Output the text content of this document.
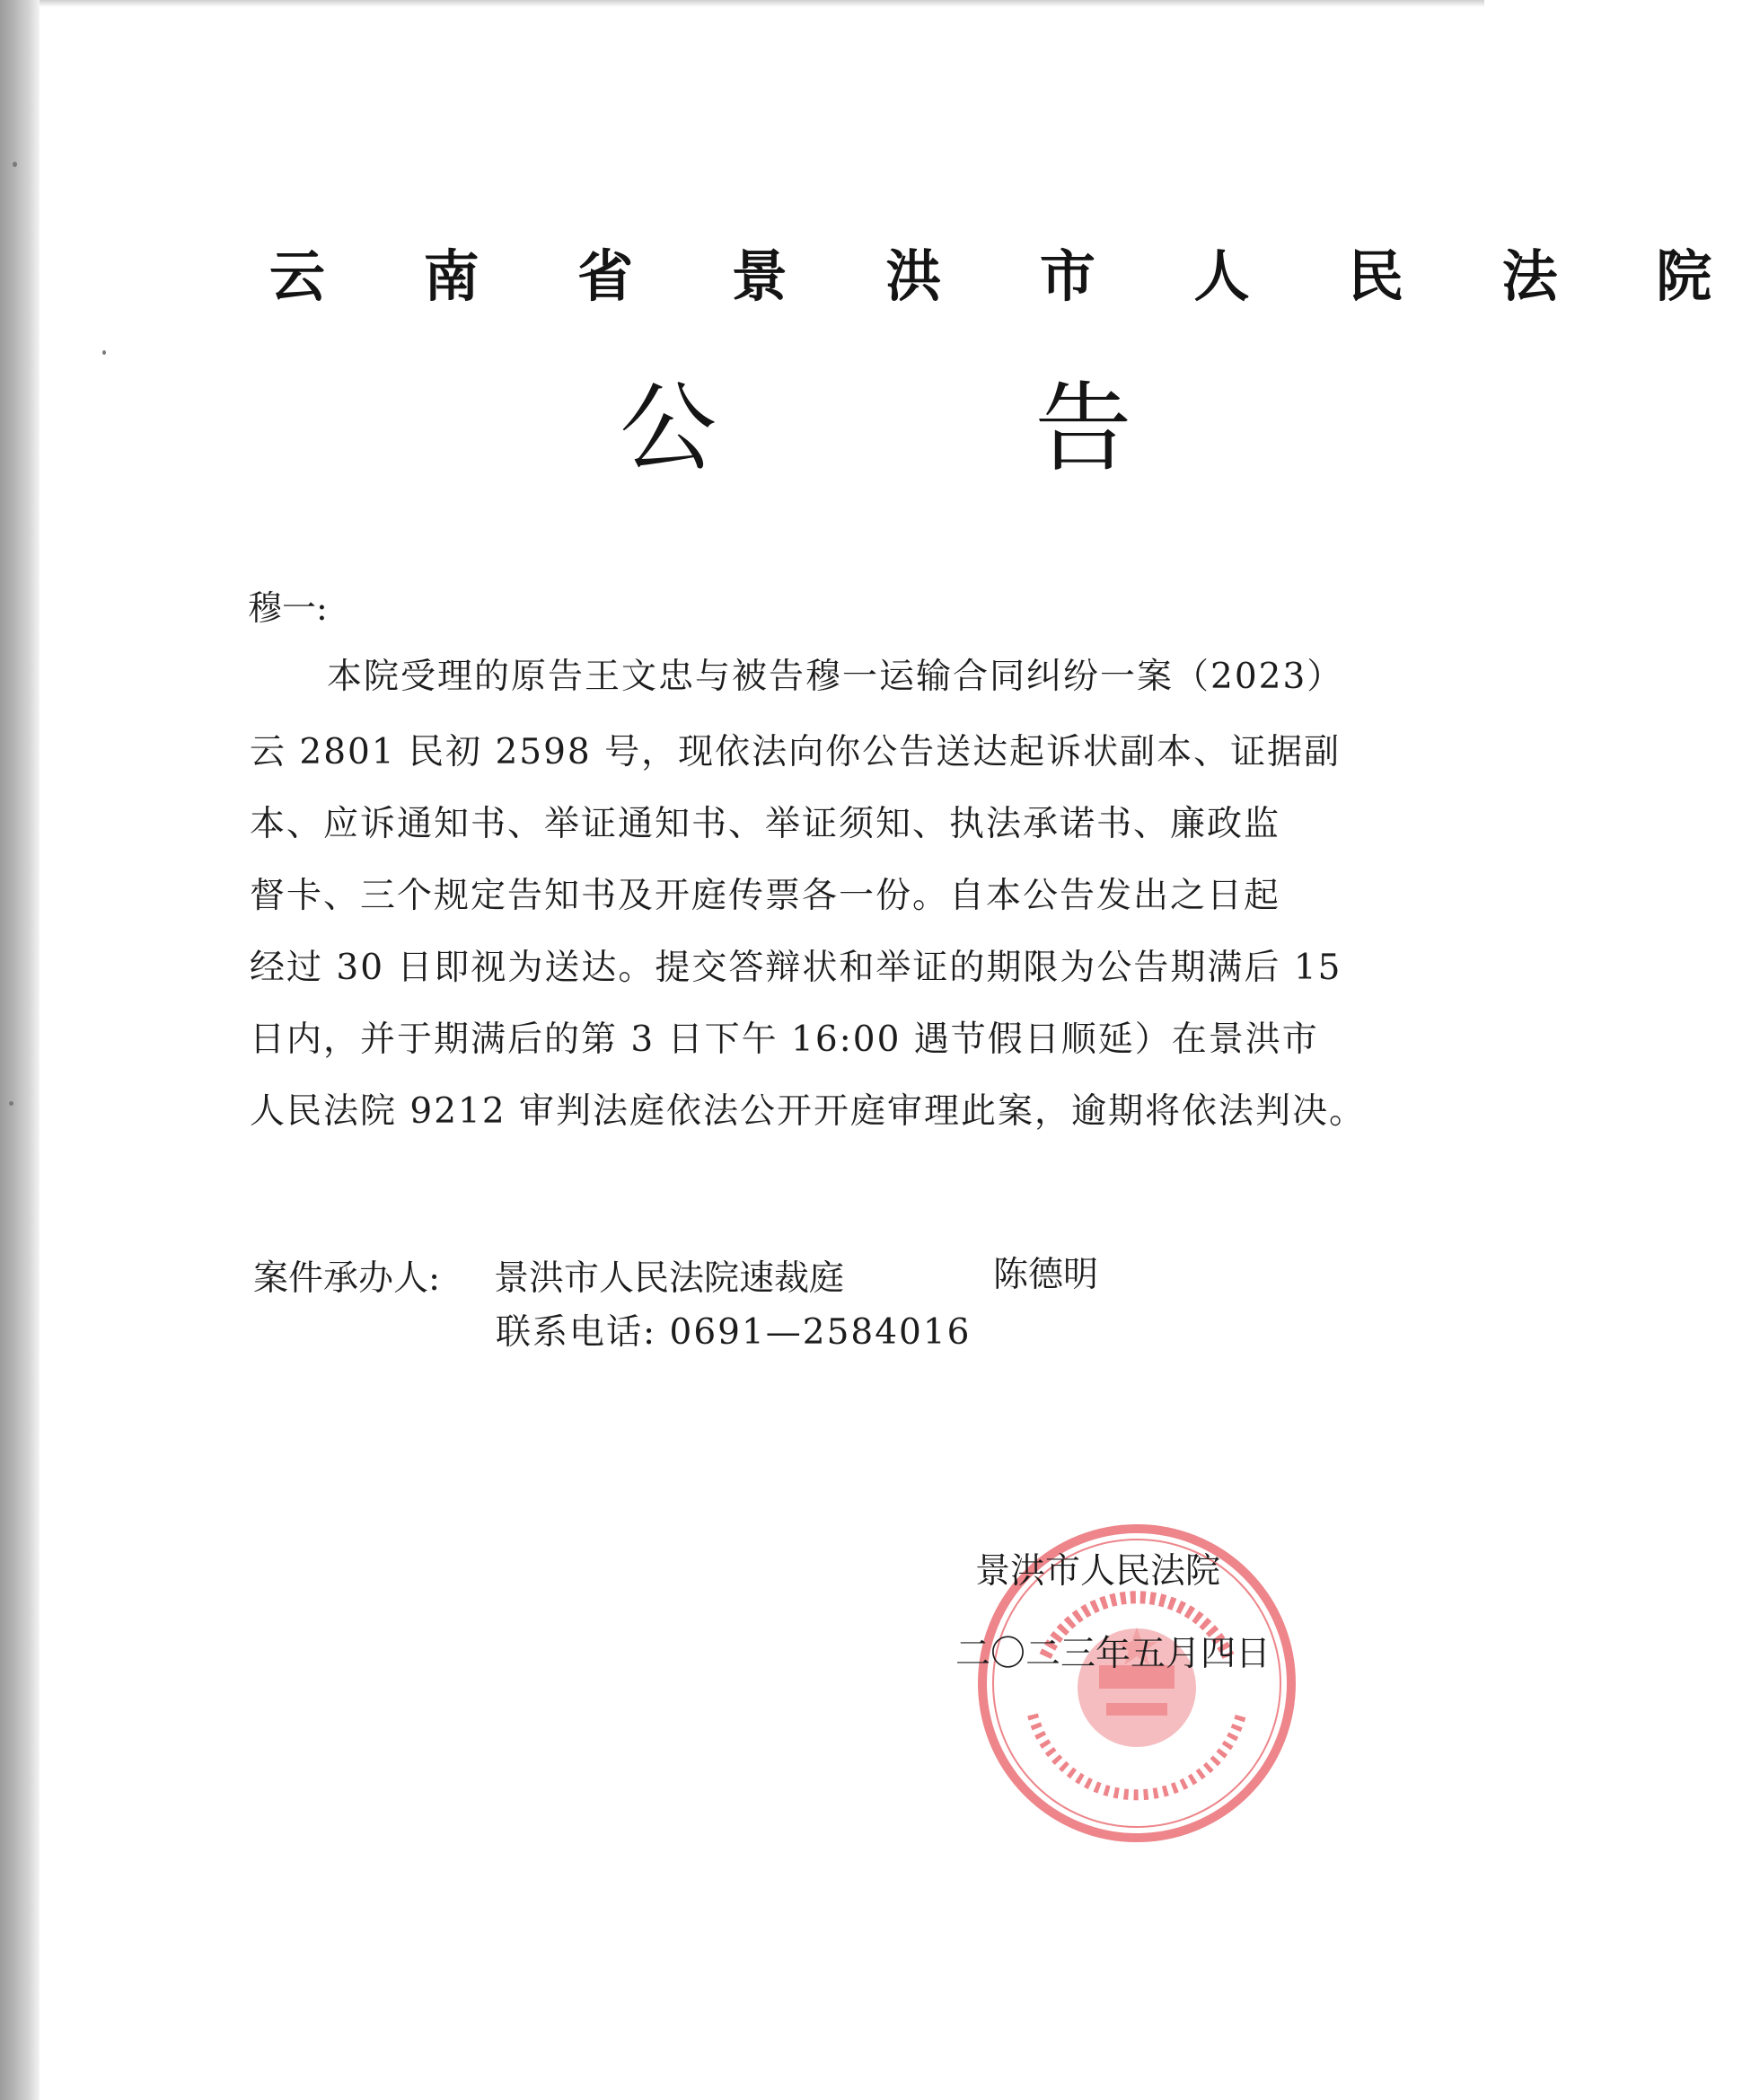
云 南 省 景 洪 市 人 民 法 院
公 告
穆一:
本院受理的原告王文忠与被告穆一运输合同纠纷一案（2023）
云 2801 民初 2598 号，现依法向你公告送达起诉状副本、证据副
本、应诉通知书、举证通知书、举证须知、执法承诺书、廉政监
督卡、三个规定告知书及开庭传票各一份。自本公告发出之日起
经过 30 日即视为送达。提交答辩状和举证的期限为公告期满后 15
日内，并于期满后的第 3 日下午 16:00 遇节假日顺延）在景洪市
人民法院 9212 审判法庭依法公开开庭审理此案，逾期将依法判决。
案件承办人: 景洪市人民法院速裁庭	陈德明
联系电话: 0691—2584016
景洪市人民法院
二〇二三年五月四日
